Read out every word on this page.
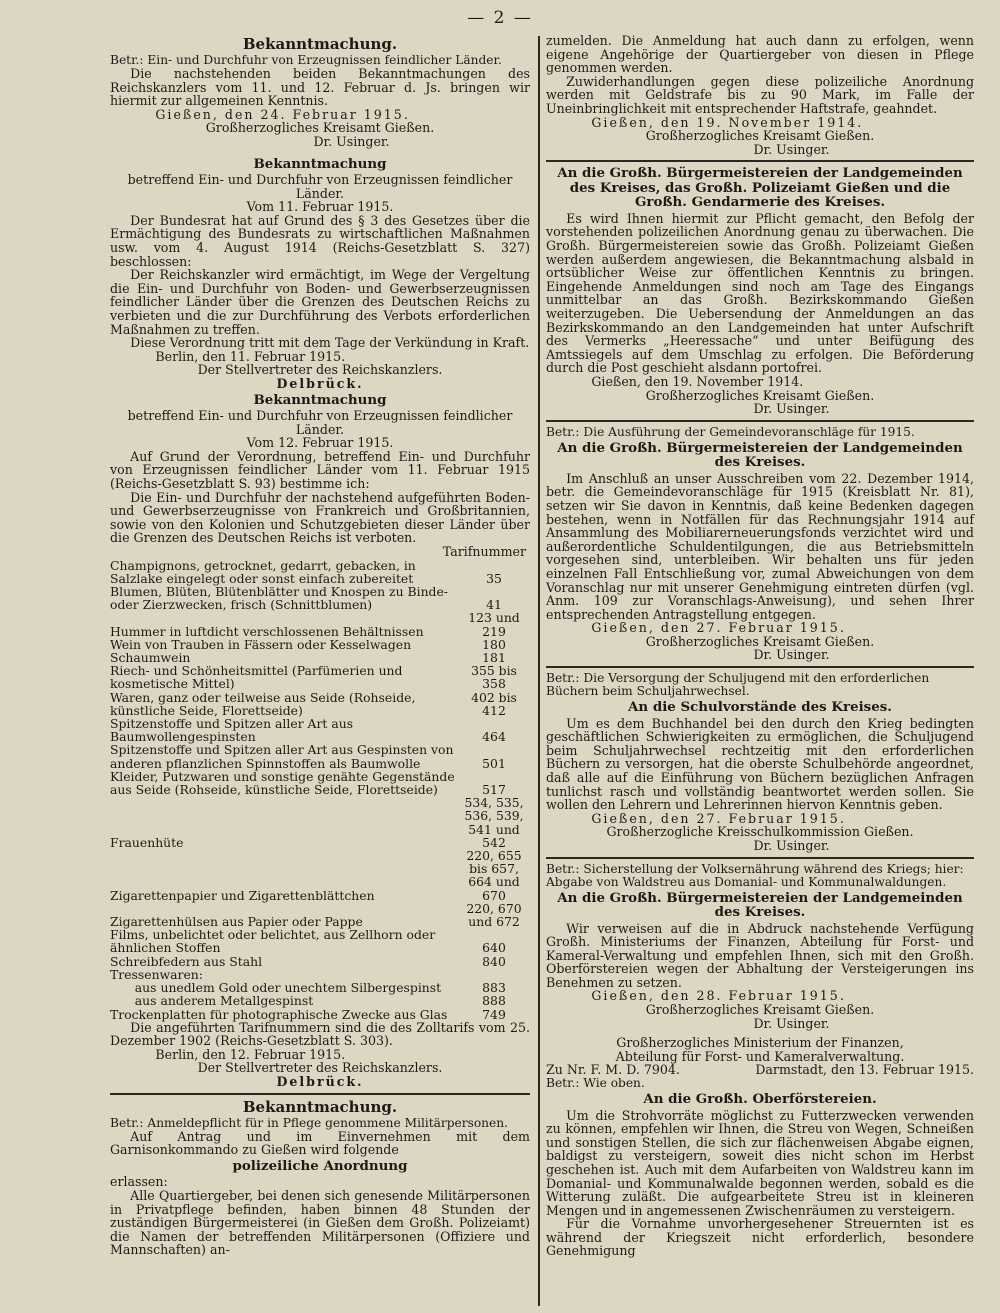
— 2 —
Bekanntmachung.
Betr.: Ein- und Durchfuhr von Erzeugnissen feindlicher Länder.
Die nachstehenden beiden Bekanntmachungen des Reichskanzlers vom 11. und 12. Februar d. Js. bringen wir hiermit zur allgemeinen Kenntnis.
Gießen, den 24. Februar 1915.
Großherzogliches Kreisamt Gießen.
Dr. Usinger.
Bekanntmachung
betreffend Ein- und Durchfuhr von Erzeugnissen feindlicher Länder.
Vom 11. Februar 1915.
Der Bundesrat hat auf Grund des § 3 des Gesetzes über die Ermächtigung des Bundesrats zu wirtschaftlichen Maßnahmen usw. vom 4. August 1914 (Reichs-Gesetzblatt S. 327) beschlossen:
Der Reichskanzler wird ermächtigt, im Wege der Vergeltung die Ein- und Durchfuhr von Boden- und Gewerbserzeugnissen feindlicher Länder über die Grenzen des Deutschen Reichs zu verbieten und die zur Durchführung des Verbots erforderlichen Maßnahmen zu treffen.
Diese Verordnung tritt mit dem Tage der Verkündung in Kraft.
Berlin, den 11. Februar 1915.
Der Stellvertreter des Reichskanzlers.
Delbrück.
Bekanntmachung
betreffend Ein- und Durchfuhr von Erzeugnissen feindlicher Länder.
Vom 12. Februar 1915.
Auf Grund der Verordnung, betreffend Ein- und Durchfuhr von Erzeugnissen feindlicher Länder vom 11. Februar 1915 (Reichs-Gesetzblatt S. 93) bestimme ich:
Die Ein- und Durchfuhr der nachstehend aufgeführten Boden- und Gewerbserzeugnisse von Frankreich und Großbritannien, sowie von den Kolonien und Schutzgebieten dieser Länder über die Grenzen des Deutschen Reichs ist verboten.
Tarifnummer
Champignons, getrocknet, gedarrt, gebacken, in Salzlake eingelegt oder sonst einfach zubereitet	35
Blumen, Blüten, Blütenblätter und Knospen zu Binde- oder Zierzwecken, frisch (Schnittblumen)	41
Hummer in luftdicht verschlossenen Behältnissen	123 und 219
Wein von Trauben in Fässern oder Kesselwagen	180
Schaumwein	181
Riech- und Schönheitsmittel (Parfümerien und kosmetische Mittel)	355 bis 358
Waren, ganz oder teilweise aus Seide (Rohseide, künstliche Seide, Florettseide)	402 bis 412
Spitzenstoffe und Spitzen aller Art aus Baumwollengespinsten	464
Spitzenstoffe und Spitzen aller Art aus Gespinsten von anderen pflanzlichen Spinnstoffen als Baumwolle	501
Kleider, Putzwaren und sonstige genähte Gegenstände aus Seide (Rohseide, künstliche Seide, Florettseide)	517
Frauenhüte	534, 535, 536, 539, 541 und 542
Zigarettenpapier und Zigarettenblättchen	220, 655 bis 657, 664 und 670
Zigarettenhülsen aus Papier oder Pappe	220, 670 und 672
Films, unbelichtet oder belichtet, aus Zellhorn oder ähnlichen Stoffen	640
Schreibfedern aus Stahl	840
Tressenwaren:	
aus unedlem Gold oder unechtem Silbergespinst	883
aus anderem Metallgespinst	888
Trockenplatten für photographische Zwecke aus Glas	749
Die angeführten Tarifnummern sind die des Zolltarifs vom 25. Dezember 1902 (Reichs-Gesetzblatt S. 303).
Berlin, den 12. Februar 1915.
Der Stellvertreter des Reichskanzlers.
Delbrück.
Bekanntmachung.
Betr.: Anmeldepflicht für in Pflege genommene Militärpersonen.
Auf Antrag und im Einvernehmen mit dem Garnisonkommando zu Gießen wird folgende
polizeiliche Anordnung
erlassen:
Alle Quartiergeber, bei denen sich genesende Militärpersonen in Privatpflege befinden, haben binnen 48 Stunden der zuständigen Bürgermeisterei (in Gießen dem Großh. Polizeiamt) die Namen der betreffenden Militärpersonen (Offiziere und Mannschaften) an-
zumelden. Die Anmeldung hat auch dann zu erfolgen, wenn eigene Angehörige der Quartiergeber von diesen in Pflege genommen werden.
Zuwiderhandlungen gegen diese polizeiliche Anordnung werden mit Geldstrafe bis zu 90 Mark, im Falle der Uneinbringlichkeit mit entsprechender Haftstrafe, geahndet.
Gießen, den 19. November 1914.
Großherzogliches Kreisamt Gießen.
Dr. Usinger.
An die Großh. Bürgermeistereien der Landgemeinden des Kreises, das Großh. Polizeiamt Gießen und die Großh. Gendarmerie des Kreises.
Es wird Ihnen hiermit zur Pflicht gemacht, den Befolg der vorstehenden polizeilichen Anordnung genau zu überwachen. Die Großh. Bürgermeistereien sowie das Großh. Polizeiamt Gießen werden außerdem angewiesen, die Bekanntmachung alsbald in ortsüblicher Weise zur öffentlichen Kenntnis zu bringen. Eingehende Anmeldungen sind noch am Tage des Eingangs unmittelbar an das Großh. Bezirkskommando Gießen weiterzugeben. Die Uebersendung der Anmeldungen an das Bezirkskommando an den Landgemeinden hat unter Aufschrift des Vermerks „Heeressache“ und unter Beifügung des Amtssiegels auf dem Umschlag zu erfolgen. Die Beförderung durch die Post geschieht alsdann portofrei.
Gießen, den 19. November 1914.
Großherzogliches Kreisamt Gießen.
Dr. Usinger.
Betr.: Die Ausführung der Gemeindevoranschläge für 1915.
An die Großh. Bürgermeistereien der Landgemeinden des Kreises.
Im Anschluß an unser Ausschreiben vom 22. Dezember 1914, betr. die Gemeindevoranschläge für 1915 (Kreisblatt Nr. 81), setzen wir Sie davon in Kenntnis, daß keine Bedenken dagegen bestehen, wenn in Notfällen für das Rechnungsjahr 1914 auf Ansammlung des Mobiliarerneuerungsfonds verzichtet wird und außerordentliche Schuldentilgungen, die aus Betriebsmitteln vorgesehen sind, unterbleiben. Wir behalten uns für jeden einzelnen Fall Entschließung vor, zumal Abweichungen von dem Voranschlag nur mit unserer Genehmigung eintreten dürfen (vgl. Anm. 109 zur Voranschlags-Anweisung), und sehen Ihrer entsprechenden Antragstellung entgegen.
Gießen, den 27. Februar 1915.
Großherzogliches Kreisamt Gießen.
Dr. Usinger.
Betr.: Die Versorgung der Schuljugend mit den erforderlichen Büchern beim Schuljahrwechsel.
An die Schulvorstände des Kreises.
Um es dem Buchhandel bei den durch den Krieg bedingten geschäftlichen Schwierigkeiten zu ermöglichen, die Schuljugend beim Schuljahrwechsel rechtzeitig mit den erforderlichen Büchern zu versorgen, hat die oberste Schulbehörde angeordnet, daß alle auf die Einführung von Büchern bezüglichen Anfragen tunlichst rasch und vollständig beantwortet werden sollen. Sie wollen den Lehrern und Lehrerinnen hiervon Kenntnis geben.
Gießen, den 27. Februar 1915.
Großherzogliche Kreisschulkommission Gießen.
Dr. Usinger.
Betr.: Sicherstellung der Volksernährung während des Kriegs; hier: Abgabe von Waldstreu aus Domanial- und Kommunalwaldungen.
An die Großh. Bürgermeistereien der Landgemeinden des Kreises.
Wir verweisen auf die in Abdruck nachstehende Verfügung Großh. Ministeriums der Finanzen, Abteilung für Forst- und Kameral-Verwaltung und empfehlen Ihnen, sich mit den Großh. Oberförstereien wegen der Abhaltung der Versteigerungen ins Benehmen zu setzen.
Gießen, den 28. Februar 1915.
Großherzogliches Kreisamt Gießen.
Dr. Usinger.
Großherzogliches Ministerium der Finanzen,
Abteilung für Forst- und Kameralverwaltung.
Zu Nr. F. M. D. 7904.	Darmstadt, den 13. Februar 1915.
Betr.: Wie oben.
An die Großh. Oberförstereien.
Um die Strohvorräte möglichst zu Futterzwecken verwenden zu können, empfehlen wir Ihnen, die Streu von Wegen, Schneißen und sonstigen Stellen, die sich zur flächenweisen Abgabe eignen, baldigst zu versteigern, soweit dies nicht schon im Herbst geschehen ist. Auch mit dem Aufarbeiten von Waldstreu kann im Domanial- und Kommunalwalde begonnen werden, sobald es die Witterung zuläßt. Die aufgearbeitete Streu ist in kleineren Mengen und in angemessenen Zwischenräumen zu versteigern.
Für die Vornahme unvorhergesehener Streuernten ist es während der Kriegszeit nicht erforderlich, besondere Genehmigung
